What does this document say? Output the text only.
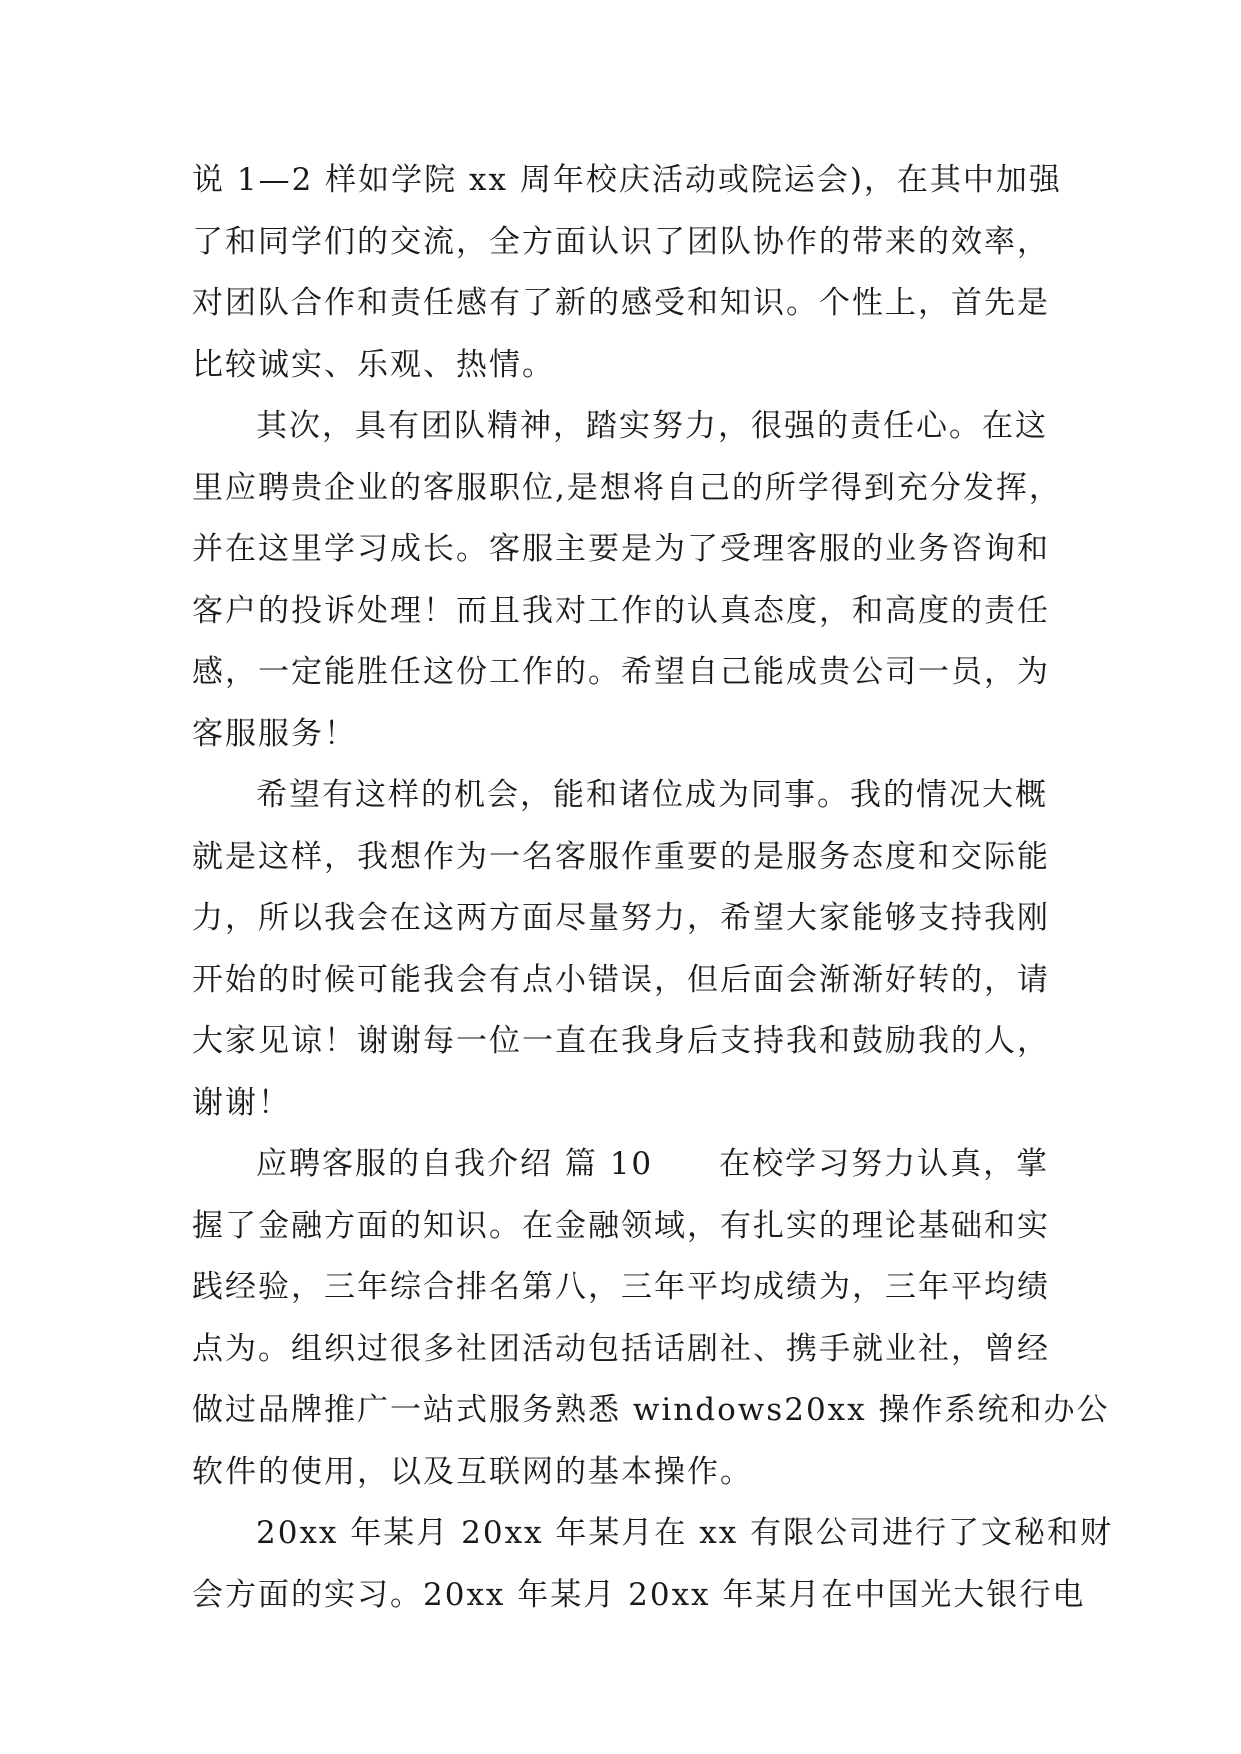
说 1—2 样如学院 xx 周年校庆活动或院运会)，在其中加强
了和同学们的交流，全方面认识了团队协作的带来的效率，
对团队合作和责任感有了新的感受和知识。个性上，首先是
比较诚实、乐观、热情。
其次，具有团队精神，踏实努力，很强的责任心。在这
里应聘贵企业的客服职位,是想将自己的所学得到充分发挥，
并在这里学习成长。客服主要是为了受理客服的业务咨询和
客户的投诉处理！而且我对工作的认真态度，和高度的责任
感，一定能胜任这份工作的。希望自己能成贵公司一员，为
客服服务！
希望有这样的机会，能和诸位成为同事。我的情况大概
就是这样，我想作为一名客服作重要的是服务态度和交际能
力，所以我会在这两方面尽量努力，希望大家能够支持我刚
开始的时候可能我会有点小错误，但后面会渐渐好转的，请
大家见谅！谢谢每一位一直在我身后支持我和鼓励我的人，
谢谢！
应聘客服的自我介绍 篇 10　　在校学习努力认真，掌
握了金融方面的知识。在金融领域，有扎实的理论基础和实
践经验，三年综合排名第八，三年平均成绩为，三年平均绩
点为。组织过很多社团活动包括话剧社、携手就业社，曾经
做过品牌推广一站式服务熟悉 windows20xx 操作系统和办公
软件的使用，以及互联网的基本操作。
20xx 年某月 20xx 年某月在 xx 有限公司进行了文秘和财
会方面的实习。20xx 年某月 20xx 年某月在中国光大银行电
